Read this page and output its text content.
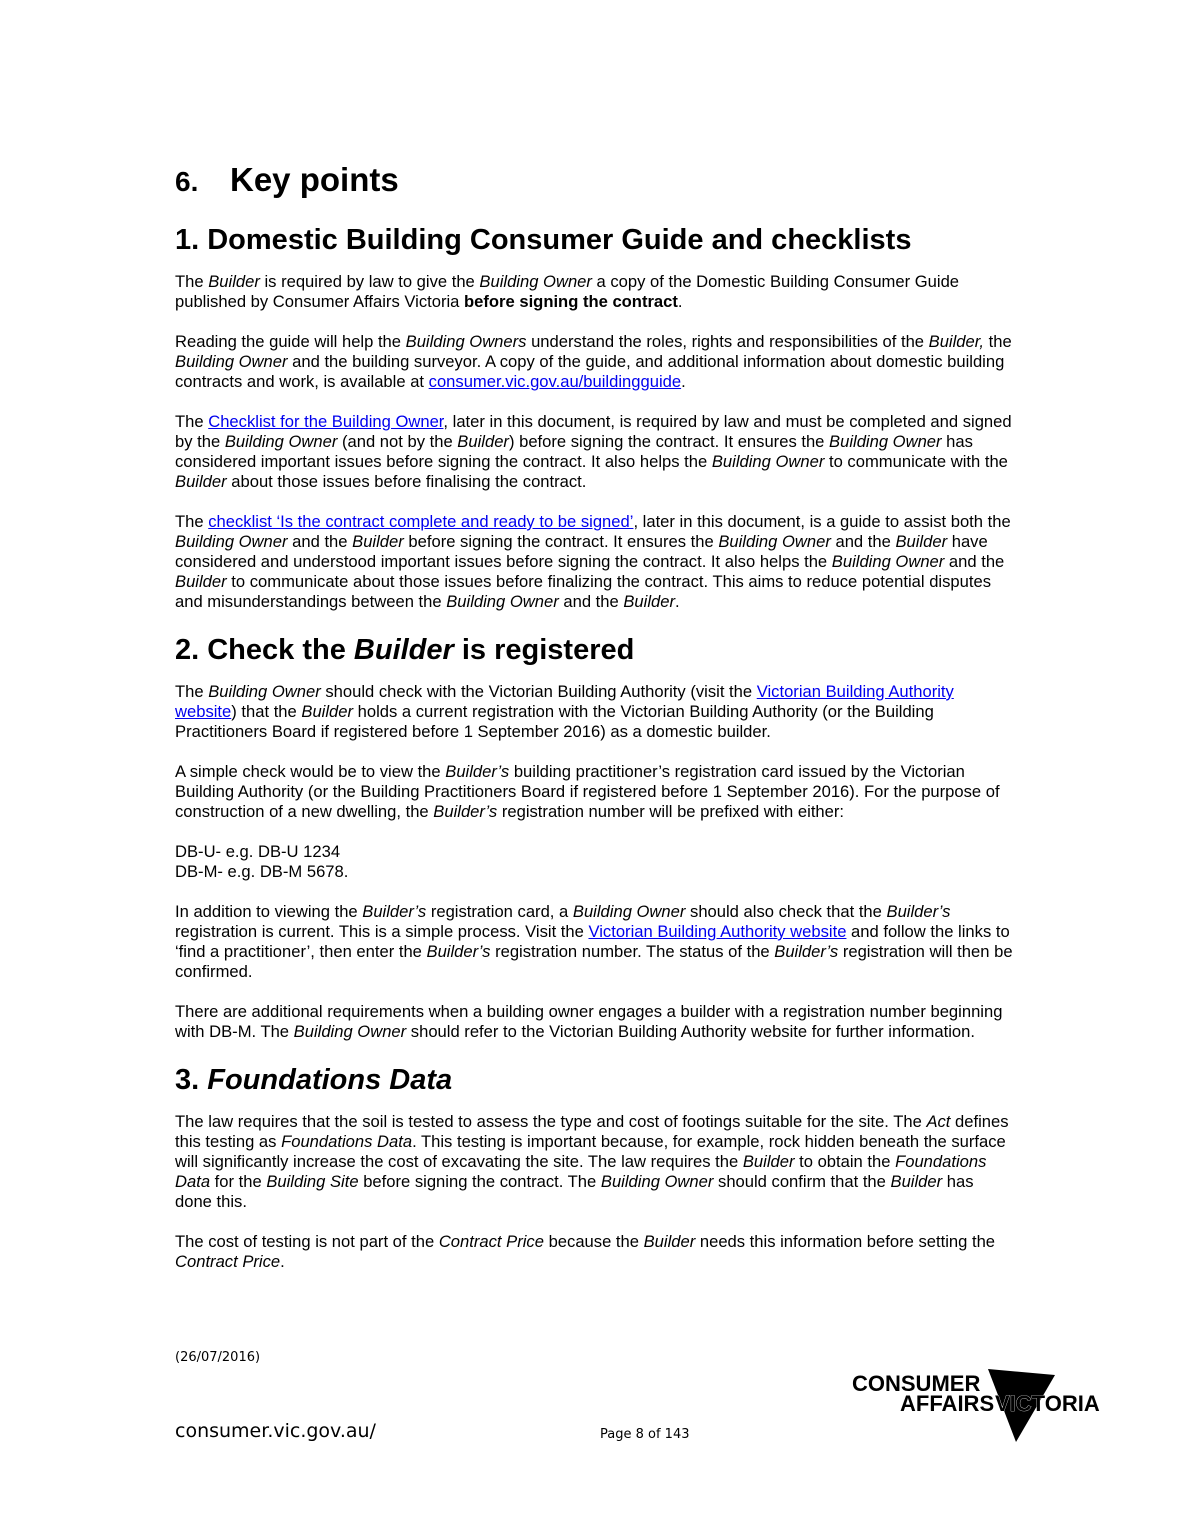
6. Key points
1. Domestic Building Consumer Guide and checklists

The Builder is required by law to give the Building Owner a copy of the Domestic Building Consumer Guide published by Consumer Affairs Victoria before signing the contract.

Reading the guide will help the Building Owners understand the roles, rights and responsibilities of the Builder, the Building Owner and the building surveyor. A copy of the guide, and additional information about domestic building contracts and work, is available at consumer.vic.gov.au/buildingguide.

The Checklist for the Building Owner, later in this document, is required by law and must be completed and signed by the Building Owner (and not by the Builder) before signing the contract. It ensures the Building Owner has considered important issues before signing the contract. It also helps the Building Owner to communicate with the Builder about those issues before finalising the contract.

The checklist ‘Is the contract complete and ready to be signed’, later in this document, is a guide to assist both the Building Owner and the Builder before signing the contract. It ensures the Building Owner and the Builder have considered and understood important issues before signing the contract. It also helps the Building Owner and the Builder to communicate about those issues before finalizing the contract. This aims to reduce potential disputes and misunderstandings between the Building Owner and the Builder.

2. Check the Builder is registered

The Building Owner should check with the Victorian Building Authority (visit the Victorian Building Authority website) that the Builder holds a current registration with the Victorian Building Authority (or the Building Practitioners Board if registered before 1 September 2016) as a domestic builder.

A simple check would be to view the Builder’s building practitioner’s registration card issued by the Victorian Building Authority (or the Building Practitioners Board if registered before 1 September 2016). For the purpose of construction of a new dwelling, the Builder’s registration number will be prefixed with either:

DB-U- e.g. DB-U 1234

DB-M- e.g. DB-M 5678.

In addition to viewing the Builder’s registration card, a Building Owner should also check that the Builder’s registration is current. This is a simple process. Visit the Victorian Building Authority website and follow the links to ‘find a practitioner’, then enter the Builder’s registration number. The status of the Builder’s registration will then be confirmed.

There are additional requirements when a building owner engages a builder with a registration number beginning with DB-M. The Building Owner should refer to the Victorian Building Authority website for further information.

3. Foundations Data

The law requires that the soil is tested to assess the type and cost of footings suitable for the site. The Act defines this testing as Foundations Data. This testing is important because, for example, rock hidden beneath the surface will significantly increase the cost of excavating the site. The law requires the Builder to obtain the Foundations Data for the Building Site before signing the contract. The Building Owner should confirm that the Builder has done this.

The cost of testing is not part of the Contract Price because the Builder needs this information before setting the Contract Price.

(26/07/2016)
consumer.vic.gov.au/	Page 8 of 143
CONSUMER
AFFAIRS VICTORIA
